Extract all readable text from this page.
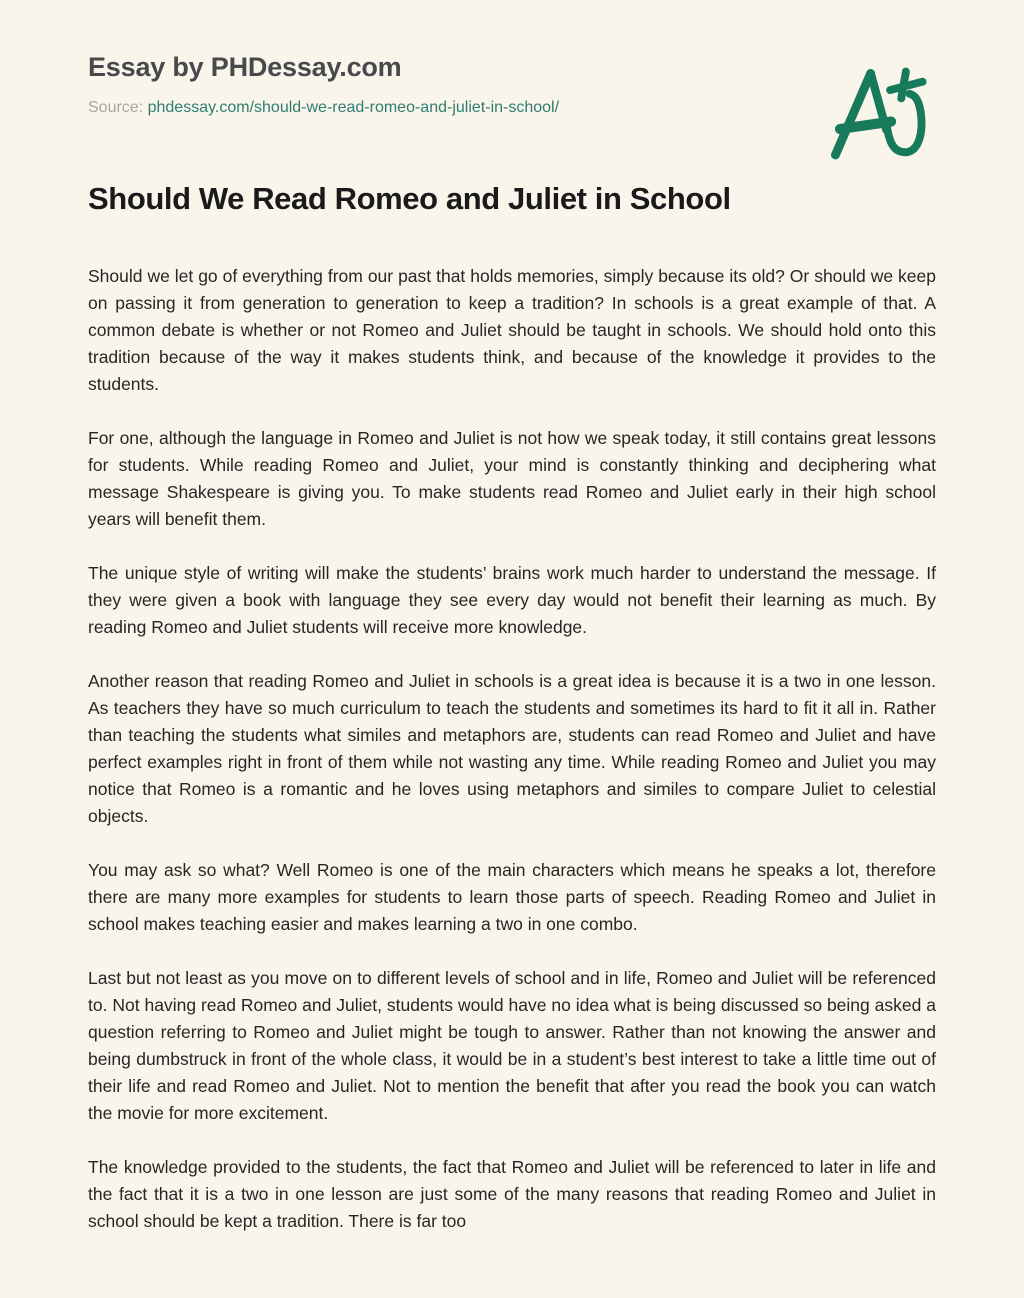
Essay by PHDessay.com
Source: phdessay.com/should-we-read-romeo-and-juliet-in-school/
Should We Read Romeo and Juliet in School

Should we let go of everything from our past that holds memories, simply because its old? Or should we keep on passing it from generation to generation to keep a tradition? In schools is a great example of that. A common debate is whether or not Romeo and Juliet should be taught in schools. We should hold onto this tradition because of the way it makes students think, and because of the knowledge it provides to the students.

For one, although the language in Romeo and Juliet is not how we speak today, it still contains great lessons for students. While reading Romeo and Juliet, your mind is constantly thinking and deciphering what message Shakespeare is giving you. To make students read Romeo and Juliet early in their high school years will benefit them.

The unique style of writing will make the students’ brains work much harder to understand the message. If they were given a book with language they see every day would not benefit their learning as much. By reading Romeo and Juliet students will receive more knowledge.

Another reason that reading Romeo and Juliet in schools is a great idea is because it is a two in one lesson. As teachers they have so much curriculum to teach the students and sometimes its hard to fit it all in. Rather than teaching the students what similes and metaphors are, students can read Romeo and Juliet and have perfect examples right in front of them while not wasting any time. While reading Romeo and Juliet you may notice that Romeo is a romantic and he loves using metaphors and similes to compare Juliet to celestial objects.

You may ask so what? Well Romeo is one of the main characters which means he speaks a lot, therefore there are many more examples for students to learn those parts of speech. Reading Romeo and Juliet in school makes teaching easier and makes learning a two in one combo.

Last but not least as you move on to different levels of school and in life, Romeo and Juliet will be referenced to. Not having read Romeo and Juliet, students would have no idea what is being discussed so being asked a question referring to Romeo and Juliet might be tough to answer. Rather than not knowing the answer and being dumbstruck in front of the whole class, it would be in a student’s best interest to take a little time out of their life and read Romeo and Juliet. Not to mention the benefit that after you read the book you can watch the movie for more excitement.

The knowledge provided to the students, the fact that Romeo and Juliet will be referenced to later in life and the fact that it is a two in one lesson are just some of the many reasons that reading Romeo and Juliet in school should be kept a tradition. There is far too
